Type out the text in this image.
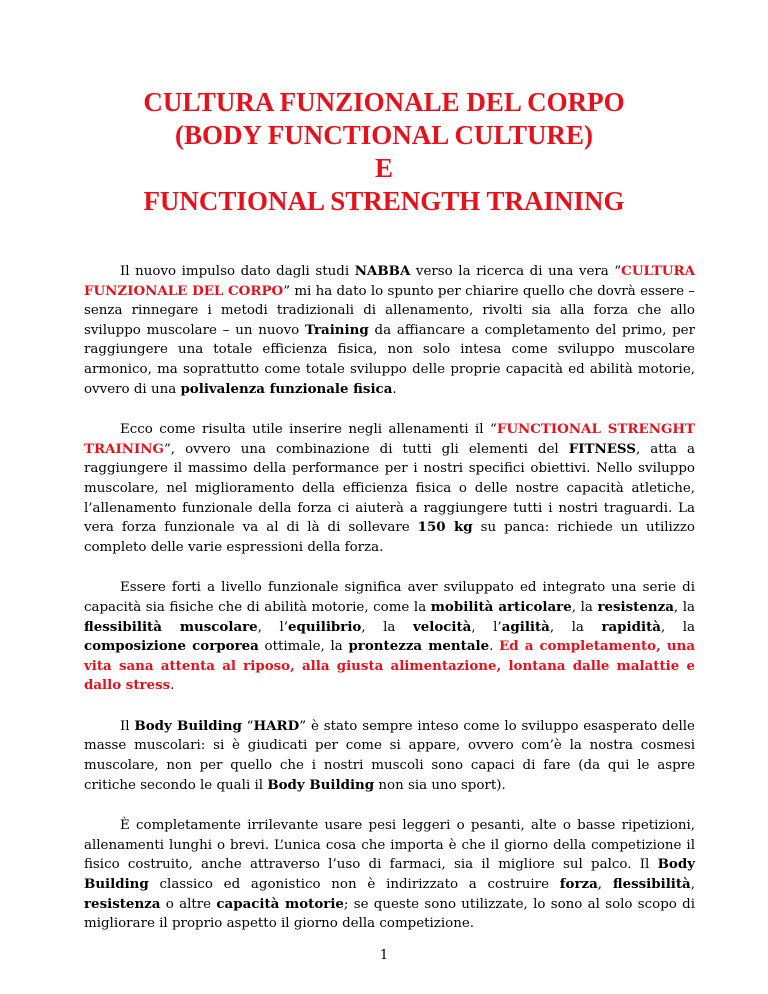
CULTURA FUNZIONALE DEL CORPO
(BODY FUNCTIONAL CULTURE)
E
FUNCTIONAL STRENGTH TRAINING

Il nuovo impulso dato dagli studi NABBA verso la ricerca di una vera “CULTURA FUNZIONALE DEL CORPO” mi ha dato lo spunto per chiarire quello che dovrà essere – senza rinnegare i metodi tradizionali di allenamento, rivolti sia alla forza che allo sviluppo muscolare – un nuovo Training da affiancare a completamento del primo, per raggiungere una totale efficienza fisica, non solo intesa come sviluppo muscolare armonico, ma soprattutto come totale sviluppo delle proprie capacità ed abilità motorie, ovvero di una polivalenza funzionale fisica.

Ecco come risulta utile inserire negli allenamenti il “FUNCTIONAL STRENGHT TRAINING”, ovvero una combinazione di tutti gli elementi del FITNESS, atta a raggiungere il massimo della performance per i nostri specifici obiettivi. Nello sviluppo muscolare, nel miglioramento della efficienza fisica o delle nostre capacità atletiche, l’allenamento funzionale della forza ci aiuterà a raggiungere tutti i nostri traguardi. La vera forza funzionale va al di là di sollevare 150 kg su panca: richiede un utilizzo completo delle varie espressioni della forza.

Essere forti a livello funzionale significa aver sviluppato ed integrato una serie di capacità sia fisiche che di abilità motorie, come la mobilità articolare, la resistenza, la flessibilità muscolare, l’equilibrio, la velocità, l’agilità, la rapidità, la composizione corporea ottimale, la prontezza mentale. Ed a completamento, una vita sana attenta al riposo, alla giusta alimentazione, lontana dalle malattie e dallo stress.

Il Body Building “HARD” è stato sempre inteso come lo sviluppo esasperato delle masse muscolari: si è giudicati per come si appare, ovvero com’è la nostra cosmesi muscolare, non per quello che i nostri muscoli sono capaci di fare (da qui le aspre critiche secondo le quali il Body Building non sia uno sport).

È completamente irrilevante usare pesi leggeri o pesanti, alte o basse ripetizioni, allenamenti lunghi o brevi. L’unica cosa che importa è che il giorno della competizione il fisico costruito, anche attraverso l’uso di farmaci, sia il migliore sul palco. Il Body Building classico ed agonistico non è indirizzato a costruire forza, flessibilità, resistenza o altre capacità motorie; se queste sono utilizzate, lo sono al solo scopo di migliorare il proprio aspetto il giorno della competizione.

1
